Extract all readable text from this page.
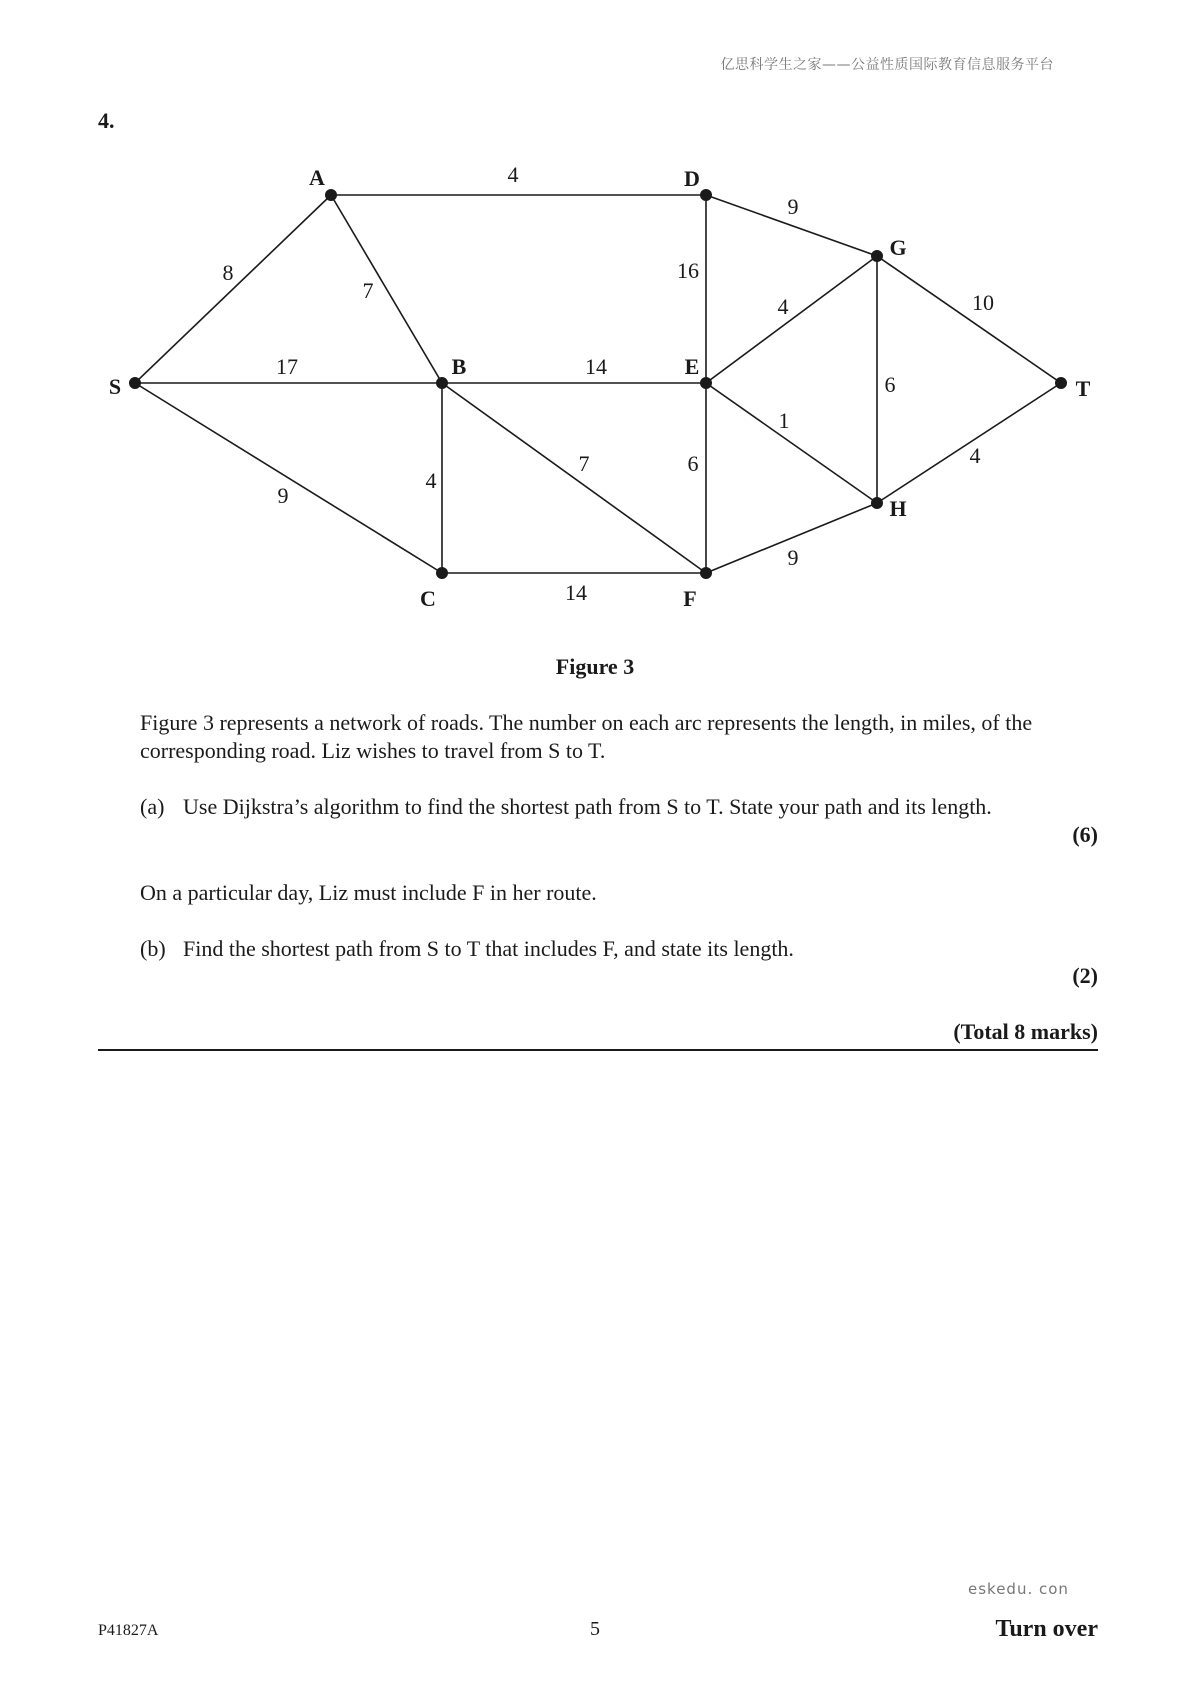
亿思科学生之家——公益性质国际教育信息服务平台
4.
8
17
9
4
7
14
4
7
14
16
9
4
1
6
6
10
4
9
S
A
B
C
D
E
F
G
H
T
Figure 3
Figure 3 represents a network of roads. The number on each arc represents the length, in miles, of the corresponding road. Liz wishes to travel from S to T.
(a) Use Dijkstra’s algorithm to find the shortest path from S to T. State your path and its length.
(6)
On a particular day, Liz must include F in her route.
(b) Find the shortest path from S to T that includes F, and state its length.
(2)
(Total 8 marks)
eskedu. con
P41827A	5	Turn over
